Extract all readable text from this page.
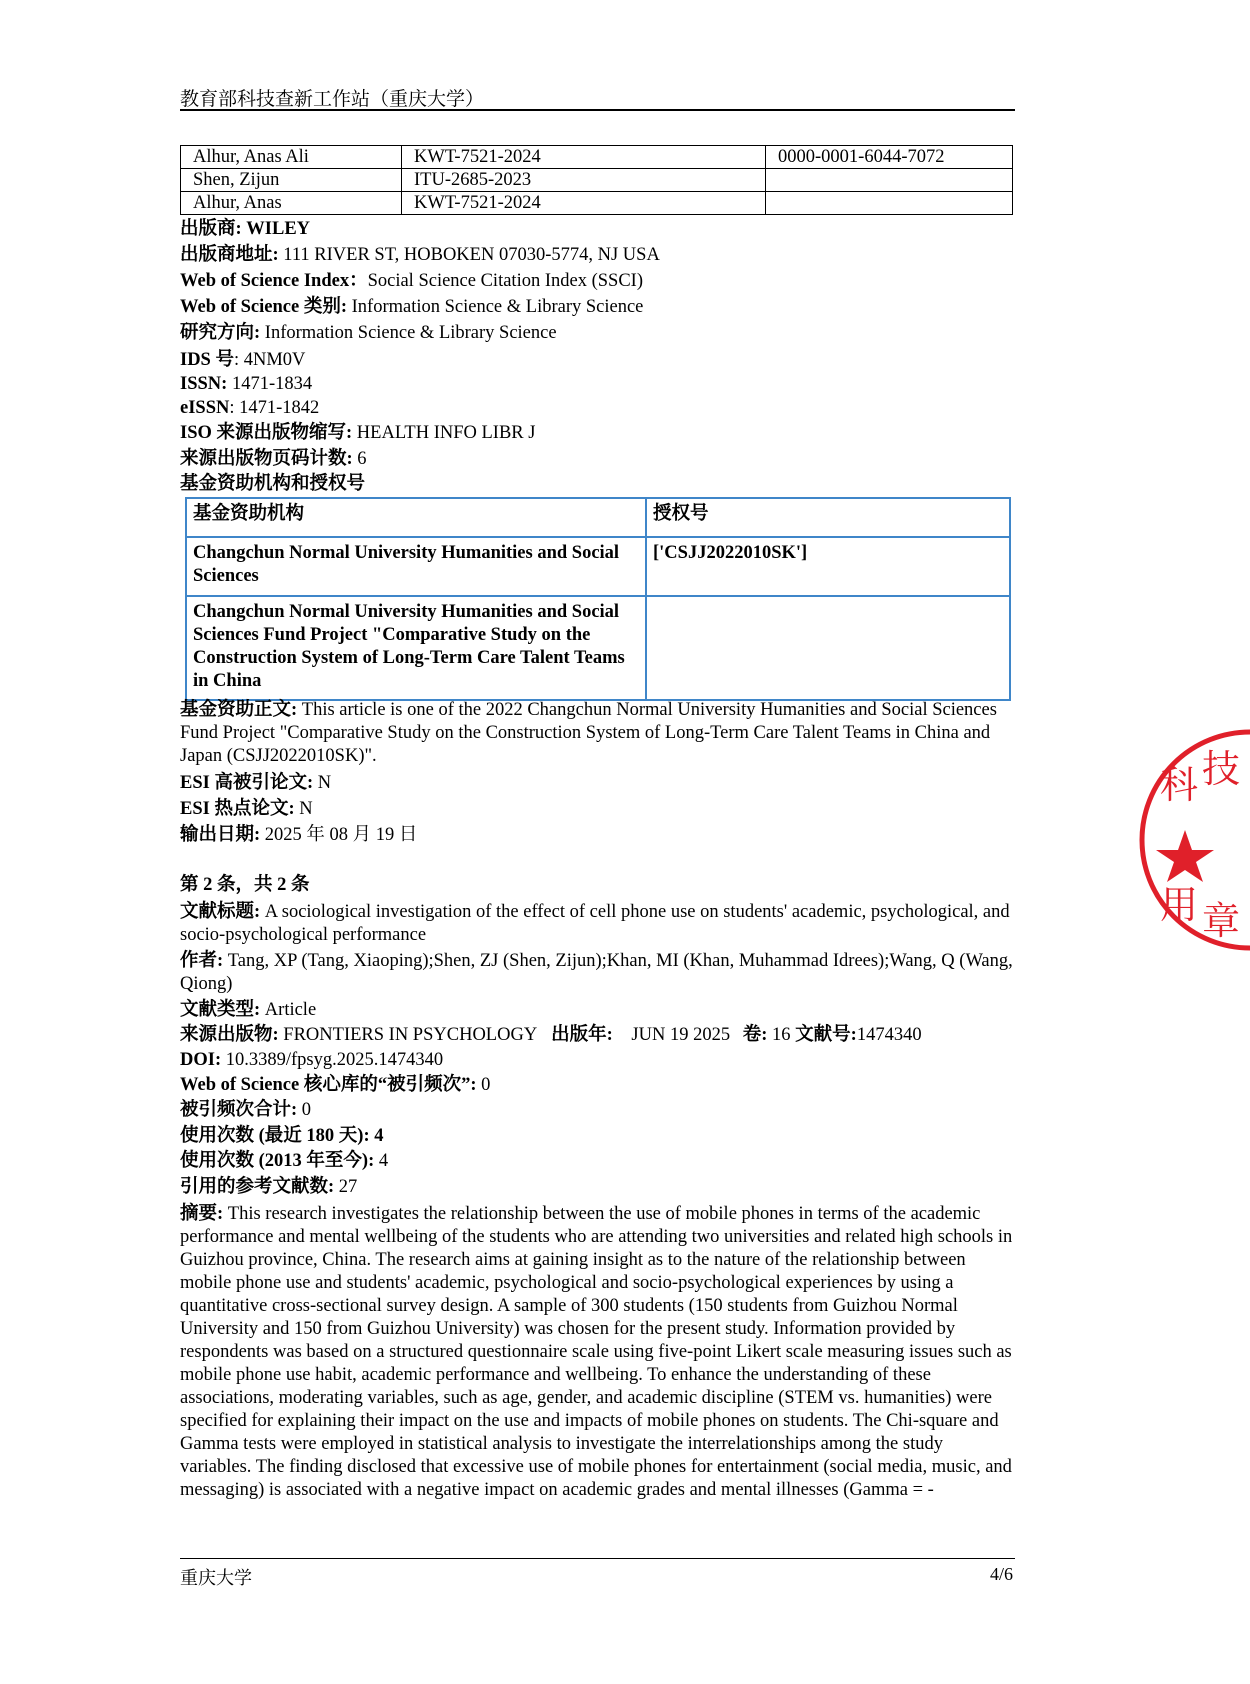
教育部科技查新工作站（重庆大学）
Alhur, Anas Ali	KWT-7521-2024	0000-0001-6044-7072
Shen, Zijun	ITU-2685-2023	
Alhur, Anas	KWT-7521-2024	
出版商: WILEY
出版商地址: 111 RIVER ST, HOBOKEN 07030-5774, NJ USA
Web of Science Index：Social Science Citation Index (SSCI)
Web of Science 类别: Information Science & Library Science
研究方向: Information Science & Library Science
IDS 号: 4NM0V
ISSN: 1471-1834
eISSN: 1471-1842
ISO 来源出版物缩写: HEALTH INFO LIBR J
来源出版物页码计数: 6
基金资助机构和授权号
基金资助机构	授权号
Changchun Normal University Humanities and Social Sciences	['CSJJ2022010SK']
Changchun Normal University Humanities and Social Sciences Fund Project "Comparative Study on the Construction System of Long-Term Care Talent Teams in China	
基金资助正文: This article is one of the 2022 Changchun Normal University Humanities and Social Sciences Fund Project "Comparative Study on the Construction System of Long-Term Care Talent Teams in China and Japan (CSJJ2022010SK)".
ESI 高被引论文: N
ESI 热点论文: N
输出日期: 2025 年 08 月 19 日
第 2 条，共 2 条
文献标题: A sociological investigation of the effect of cell phone use on students' academic, psychological, and socio-psychological performance
作者: Tang, XP (Tang, Xiaoping);Shen, ZJ (Shen, Zijun);Khan, MI (Khan, Muhammad Idrees);Wang, Q (Wang, Qiong)
文献类型: Article
来源出版物: FRONTIERS IN PSYCHOLOGY 出版年: JUN 19 2025 卷: 16 文献号:1474340
DOI: 10.3389/fpsyg.2025.1474340
Web of Science 核心库的“被引频次”: 0
被引频次合计: 0
使用次数 (最近 180 天): 4
使用次数 (2013 年至今): 4
引用的参考文献数: 27
摘要: This research investigates the relationship between the use of mobile phones in terms of the academic performance and mental wellbeing of the students who are attending two universities and related high schools in Guizhou province, China. The research aims at gaining insight as to the nature of the relationship between mobile phone use and students' academic, psychological and socio-psychological experiences by using a quantitative cross-sectional survey design. A sample of 300 students (150 students from Guizhou Normal University and 150 from Guizhou University) was chosen for the present study. Information provided by respondents was based on a structured questionnaire scale using five-point Likert scale measuring issues such as mobile phone use habit, academic performance and wellbeing. To enhance the understanding of these associations, moderating variables, such as age, gender, and academic discipline (STEM vs. humanities) were specified for explaining their impact on the use and impacts of mobile phones on students. The Chi-square and Gamma tests were employed in statistical analysis to investigate the interrelationships among the study variables. The finding disclosed that excessive use of mobile phones for entertainment (social media, music, and messaging) is associated with a negative impact on academic grades and mental illnesses (Gamma = -
重庆大学	4/6
科 技
用 章
